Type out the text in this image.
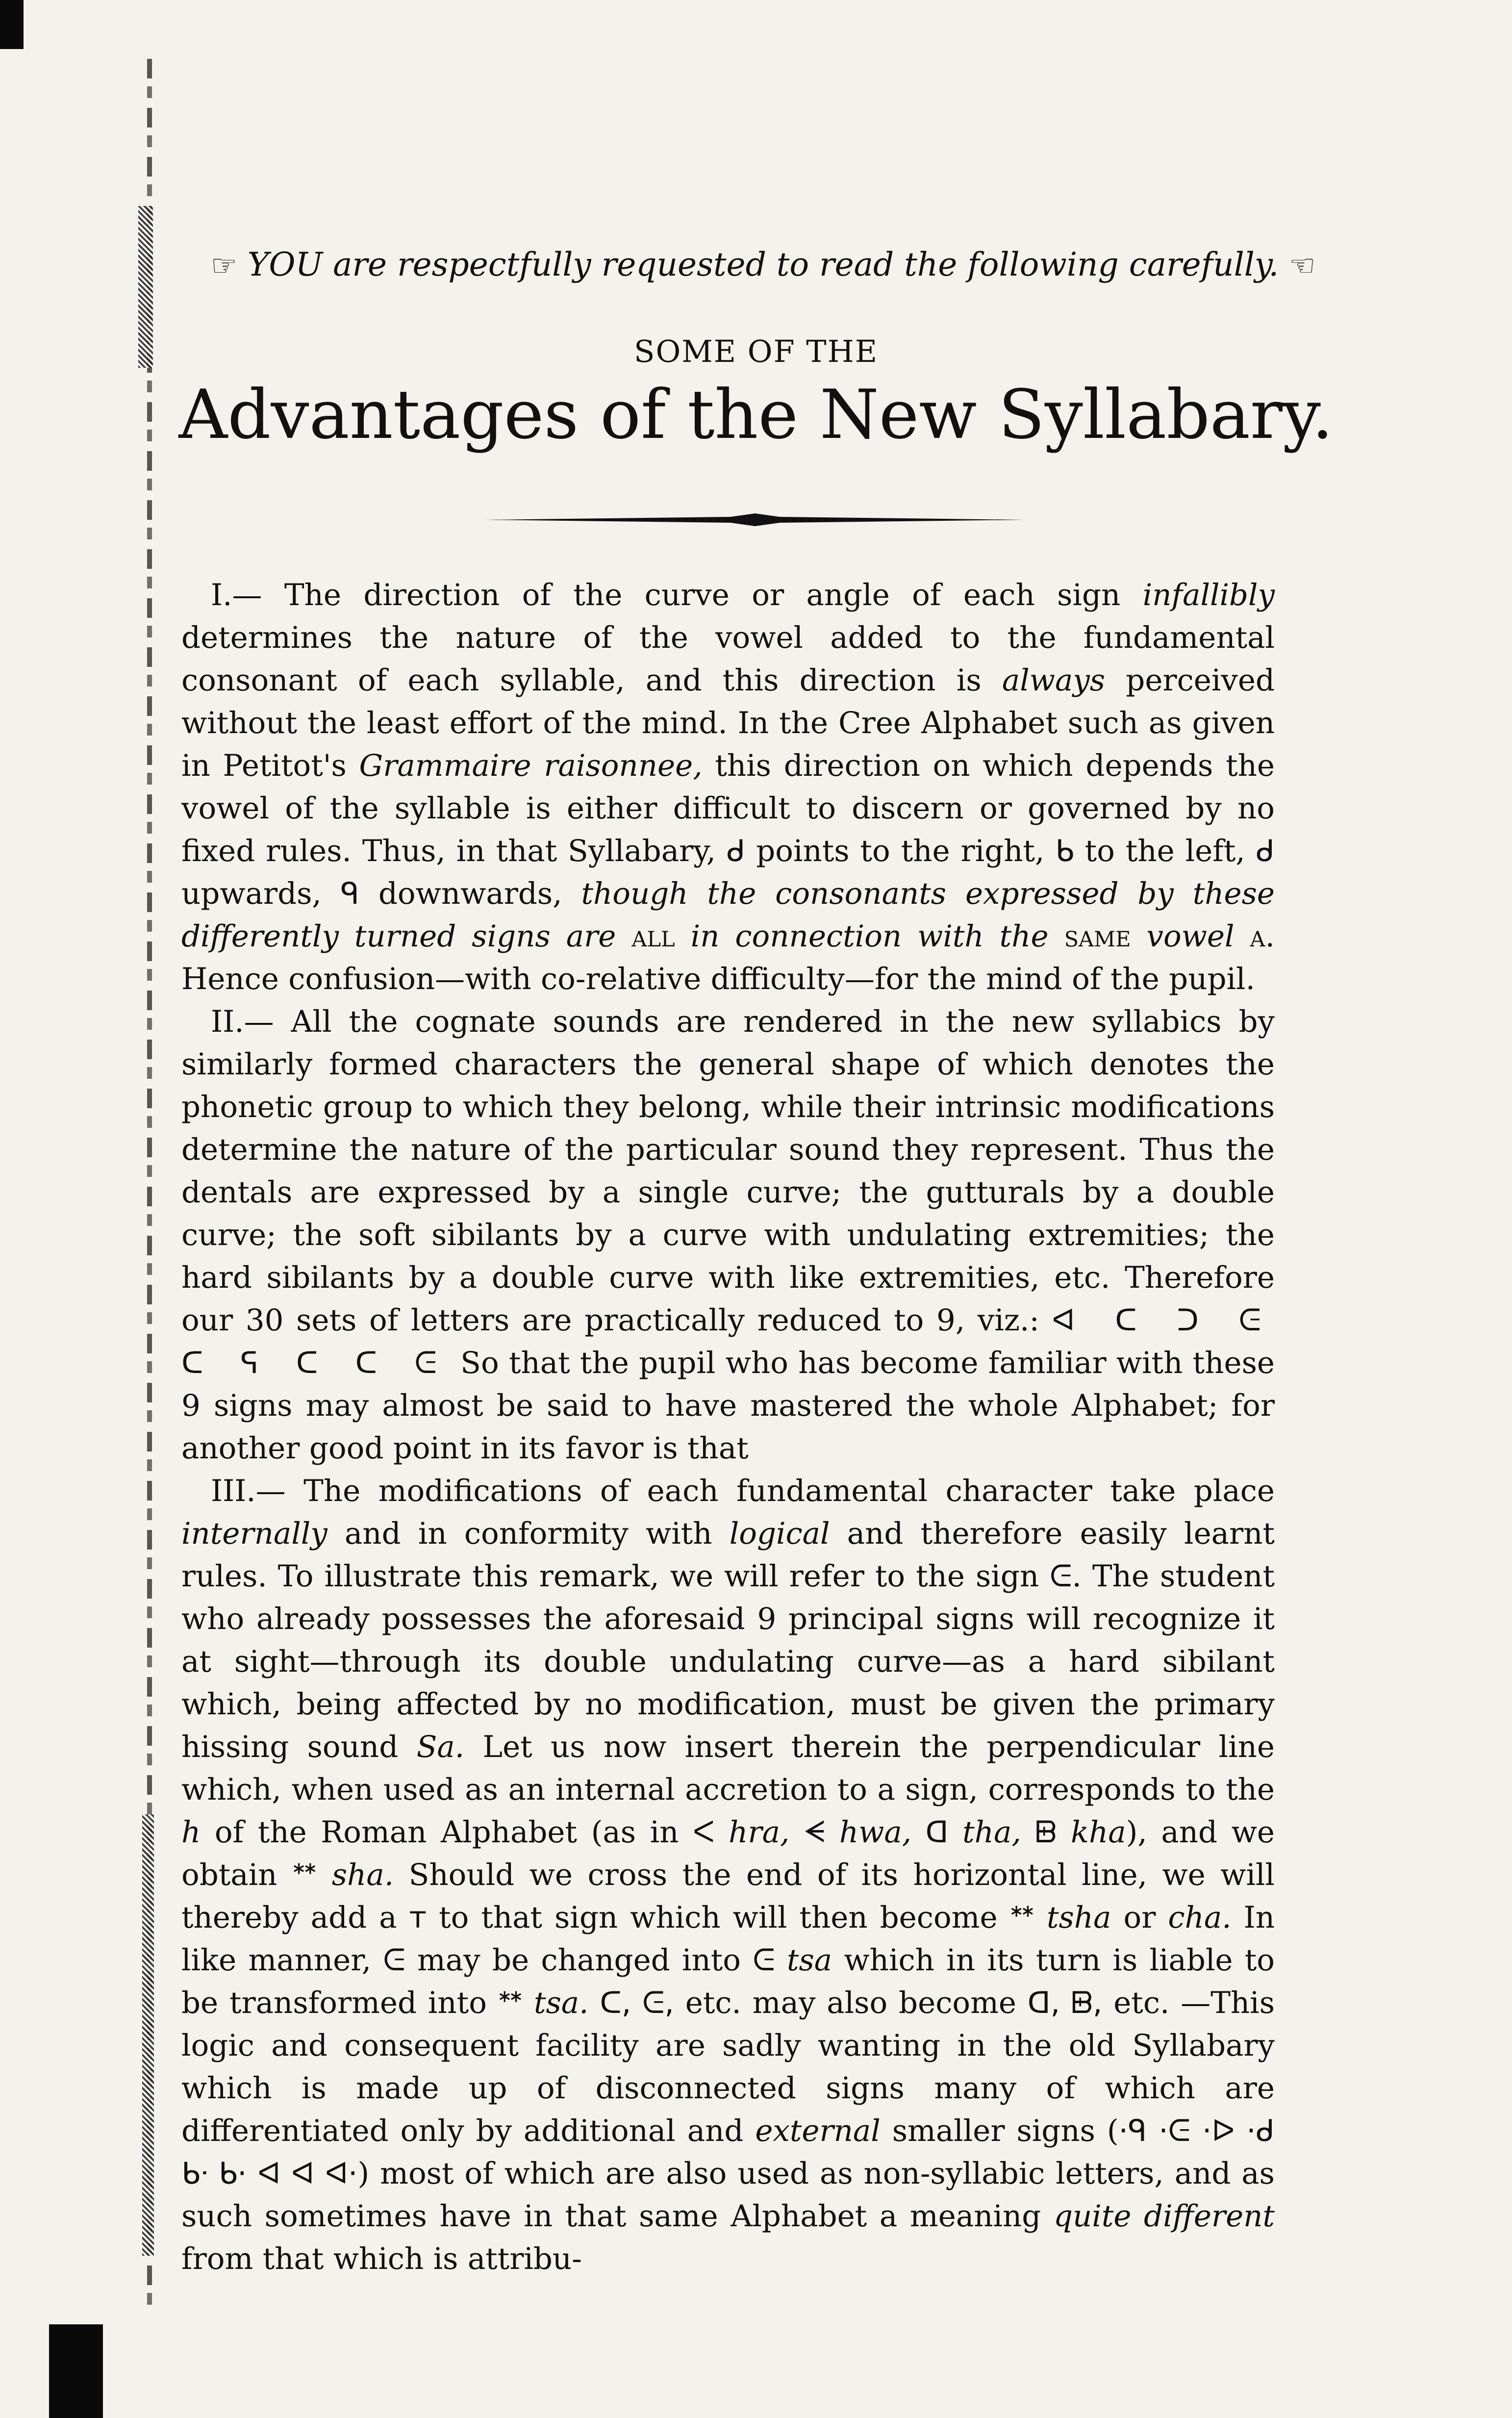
☞ YOU are respectfully requested to read the following carefully. ☜
SOME OF THE
Advantages of the New Syllabary.

I.— The direction of the curve or angle of each sign infallibly determines the nature of the vowel added to the fundamental consonant of each syllable, and this direction is always perceived without the least effort of the mind. In the Cree Alphabet such as given in Petitot's Grammaire raisonnee, this direction on which depends the vowel of the syllable is either difficult to discern or governed by no fixed rules. Thus, in that Syllabary, ᑯ points to the right, ᑲ to the left, ᑯ upwards, ᑫ downwards, though the consonants expressed by these differently turned signs are all in connection with the same vowel a. Hence confusion—with co-relative difficulty—for the mind of the pupil.

II.— All the cognate sounds are rendered in the new syllabics by similarly formed characters the general shape of which denotes the phonetic group to which they belong, while their intrinsic modifications determine the nature of the particular sound they represent. Thus the dentals are expressed by a single curve; the gutturals by a double curve; the soft sibilants by a curve with undulating extremities; the hard sibilants by a double curve with like extremities, etc. Therefore our 30 sets of letters are practically reduced to 9, viz.: ᐊ ᑕ ᑐ ᕮ ᑕ ᕋ ᑕ ᑕ ᕮ So that the pupil who has become familiar with these 9 signs may almost be said to have mastered the whole Alphabet; for another good point in its favor is that

III.— The modifications of each fundamental character take place internally and in conformity with logical and therefore easily learnt rules. To illustrate this remark, we will refer to the sign ᕮ. The student who already possesses the aforesaid 9 principal signs will recognize it at sight—through its double undulating curve—as a hard sibilant which, being affected by no modification, must be given the primary hissing sound Sa. Let us now insert therein the perpendicular line which, when used as an internal accretion to a sign, corresponds to the h of the Roman Alphabet (as in ᐸ hra, ᗕ hwa, ᗡ tha, ᗸ kha), and we obtain ᕯ sha. Should we cross the end of its horizontal line, we will thereby add a т to that sign which will then become ᕯ tsha or cha. In like manner, ᕮ may be changed into ᕮ tsa which in its turn is liable to be transformed into ᕯ tsa. ᑕ, ᕮ, etc. may also become ᗡ, ᗸ, etc. —This logic and consequent facility are sadly wanting in the old Syllabary which is made up of disconnected signs many of which are differentiated only by additional and external smaller signs (·ᑫ ·ᕮ ·ᐅ ·ᑯ ᑲᐧ ᑲ· ᐊ ᐊ ᐊ·) most of which are also used as non-syllabic letters, and as such sometimes have in that same Alphabet a meaning quite different from that which is attribu-
